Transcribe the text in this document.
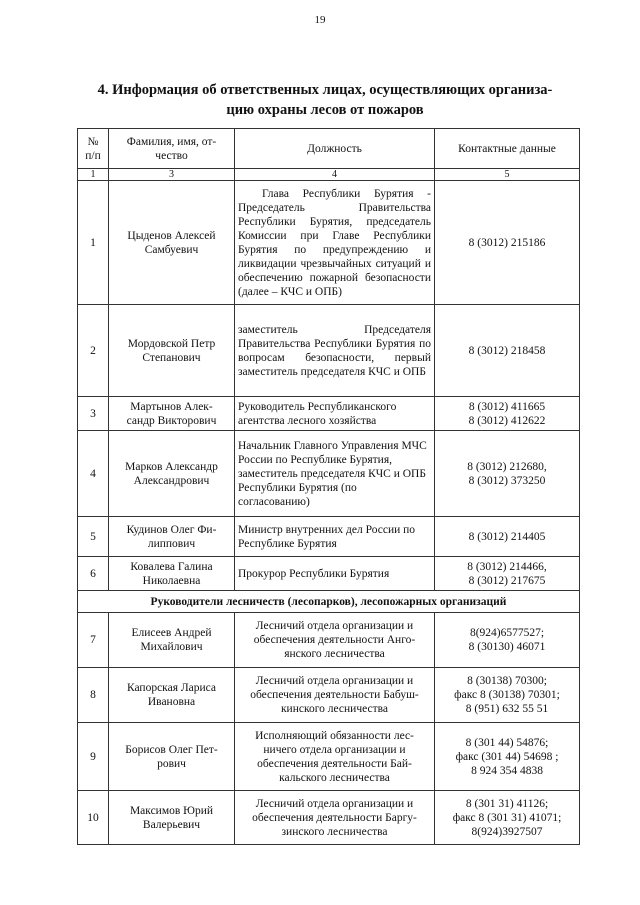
19
4. Информация об ответственных лицах, осуществляющих организа-
цию охраны лесов от пожаров
№
п/п	Фамилия, имя, от-
чество	Должность	Контактные данные
1	3	4	5
1	Цыденов Алексей
Самбуевич	Глава Республики Бурятия - Председатель Правительства Республики Бурятия, председатель Комиссии при Главе Республики Бурятия по предупреждению и ликвидации чрезвычайных ситуаций и обеспечению пожарной безопасности (далее – КЧС и ОПБ)	8 (3012) 215186

2	Мордовской Петр
Степанович	заместитель Председателя Правительства Республики Бурятия по вопросам безопасности, первый заместитель председателя КЧС и ОПБ	8 (3012) 218458

3	Мартынов Алек-
сандр Викторович	Руководитель Республиканского агентства лесного хозяйства	8 (3012) 411665
8 (3012) 412622

4	Марков Александр
Александрович	Начальник Главного Управления МЧС России по Республике Бурятия, заместитель председателя КЧС и ОПБ Республики Бурятия (по согласованию)	8 (3012) 212680,
8 (3012) 373250

5	Кудинов Олег Фи-
липпович	Министр внутренних дел России по Республике Бурятия	8 (3012) 214405

6	Ковалева Галина
Николаевна	Прокурор Республики Бурятия	8 (3012) 214466,
8 (3012) 217675

Руководители лесничеств (лесопарков), лесопожарных организаций			
7	Елисеев Андрей
Михайлович	Лесничий отдела организации и
обеспечения деятельности Анго-
янского лесничества	8(924)6577527;
8 (30130) 46071

8	Капорская Лариса
Ивановна	Лесничий отдела организации и
обеспечения деятельности Бабуш-
кинского лесничества	8 (30138) 70300;
факс 8 (30138) 70301;
8 (951) 632 55 51

9	Борисов Олег Пет-
рович	Исполняющий обязанности лес-
ничего отдела организации и
обеспечения деятельности Бай-
кальского лесничества	8 (301 44) 54876;
факс (301 44) 54698 ;
8 924 354 4838

10	Максимов Юрий
Валерьевич	Лесничий отдела организации и
обеспечения деятельности Баргу-
зинского лесничества	8 (301 31) 41126;
факс 8 (301 31) 41071;
8(924)3927507
